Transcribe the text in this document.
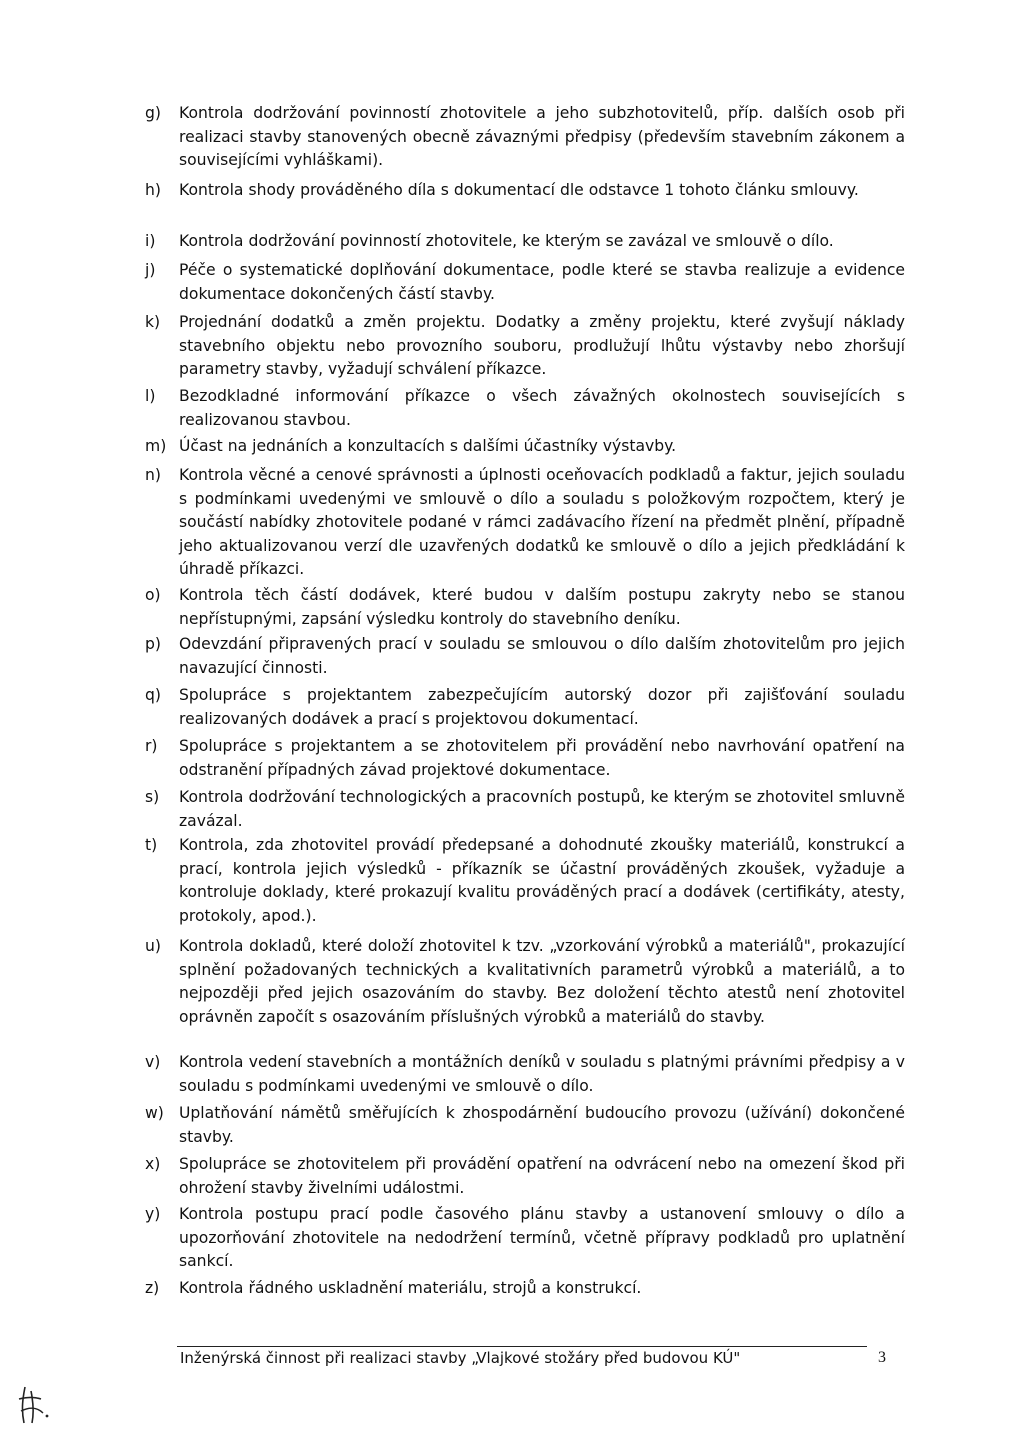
g)	Kontrola dodržování povinností zhotovitele a jeho subzhotovitelů, příp. dalších osob při realizaci stavby stanovených obecně závaznými předpisy (především stavebním zákonem a souvisejícími vyhláškami).
h)	Kontrola shody prováděného díla s dokumentací dle odstavce 1 tohoto článku smlouvy.
i)	Kontrola dodržování povinností zhotovitele, ke kterým se zavázal ve smlouvě o dílo.
j)	Péče o systematické doplňování dokumentace, podle které se stavba realizuje a evidence dokumentace dokončených částí stavby.
k)	Projednání dodatků a změn projektu. Dodatky a změny projektu, které zvyšují náklady stavebního objektu nebo provozního souboru, prodlužují lhůtu výstavby nebo zhoršují parametry stavby, vyžadují schválení příkazce.
l)	Bezodkladné informování příkazce o všech závažných okolnostech souvisejících s realizovanou stavbou.
m) Účast na jednáních a konzultacích s dalšími účastníky výstavby.
n)	Kontrola věcné a cenové správnosti a úplnosti oceňovacích podkladů a faktur, jejich souladu s podmínkami uvedenými ve smlouvě o dílo a souladu s položkovým rozpočtem, který je součástí nabídky zhotovitele podané v rámci zadávacího řízení na předmět plnění, případně jeho aktualizovanou verzí dle uzavřených dodatků ke smlouvě o dílo a jejich předkládání k úhradě příkazci.
o)	Kontrola těch částí dodávek, které budou v dalším postupu zakryty nebo se stanou nepřístupnými, zapsání výsledku kontroly do stavebního deníku.
p)	Odevzdání připravených prací v souladu se smlouvou o dílo dalším zhotovitelům pro jejich navazující činnosti.
q)	Spolupráce s projektantem zabezpečujícím autorský dozor při zajišťování souladu realizovaných dodávek a prací s projektovou dokumentací.
r)	Spolupráce s projektantem a se zhotovitelem při provádění nebo navrhování opatření na odstranění případných závad projektové dokumentace.
s)	Kontrola dodržování technologických a pracovních postupů, ke kterým se zhotovitel smluvně zavázal.
t)	Kontrola, zda zhotovitel provádí předepsané a dohodnuté zkoušky materiálů, konstrukcí a prací, kontrola jejich výsledků - příkazník se účastní prováděných zkoušek, vyžaduje a kontroluje doklady, které prokazují kvalitu prováděných prací a dodávek (certifikáty, atesty, protokoly, apod.).
u)	Kontrola dokladů, které doloží zhotovitel k tzv. „vzorkování výrobků a materiálů", prokazující splnění požadovaných technických a kvalitativních parametrů výrobků a materiálů, a to nejpozději před jejich osazováním do stavby. Bez doložení těchto atestů není zhotovitel oprávněn započít s osazováním příslušných výrobků a materiálů do stavby.
v)	Kontrola vedení stavebních a montážních deníků v souladu s platnými právními předpisy a v souladu s podmínkami uvedenými ve smlouvě o dílo.
w) Uplatňování námětů směřujících k zhospodárnění budoucího provozu (užívání) dokončené stavby.
x)	Spolupráce se zhotovitelem při provádění opatření na odvrácení nebo na omezení škod při ohrožení stavby živelními událostmi.
y)	Kontrola postupu prací podle časového plánu stavby a ustanovení smlouvy o dílo a upozorňování zhotovitele na nedodržení termínů, včetně přípravy podkladů pro uplatnění sankcí.
z)	Kontrola řádného uskladnění materiálu, strojů a konstrukcí.
Inženýrská činnost při realizaci stavby „Vlajkové stožáry před budovou KÚ"	3
